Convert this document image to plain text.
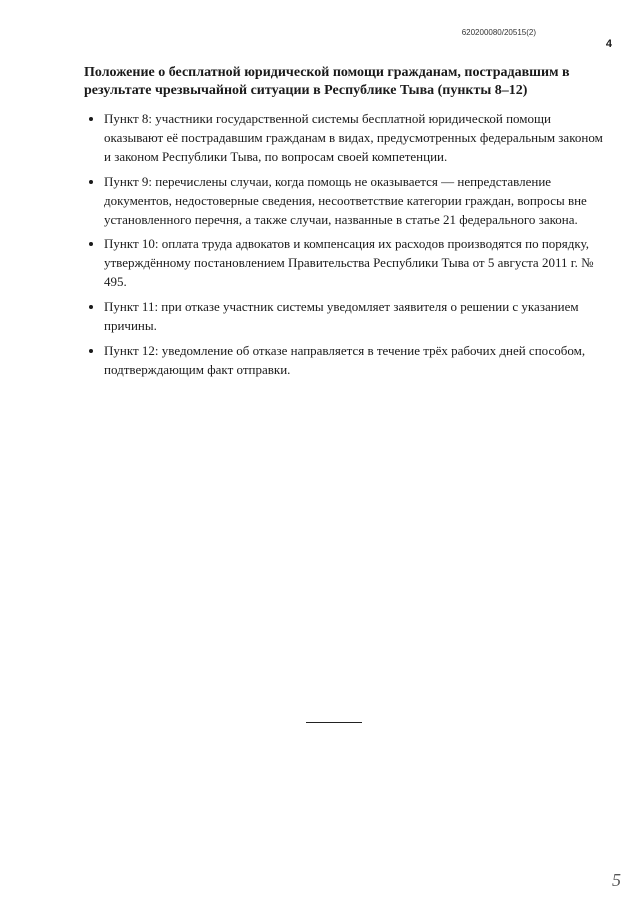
620200080/20515(2)
4

Положение о бесплатной юридической помощи гражданам, пострадавшим в результате чрезвычайной ситуации в Республике Тыва (пункты 8–12)

• Пункт 8: участники государственной системы бесплатной юридической помощи оказывают её пострадавшим гражданам в видах, предусмотренных федеральным законом и законом Республики Тыва, по вопросам своей компетенции.
• Пункт 9: перечислены случаи, когда помощь не оказывается — непредставление документов, недостоверные сведения, несоответствие категории граждан, вопросы вне установленного перечня, а также случаи, названные в статье 21 федерального закона.
• Пункт 10: оплата труда адвокатов и компенсация их расходов производятся по порядку, утверждённому постановлением Правительства Республики Тыва от 5 августа 2011 г. № 495.
• Пункт 11: при отказе участник системы уведомляет заявителя о решении с указанием причины.
• Пункт 12: уведомление об отказе направляется в течение трёх рабочих дней способом, подтверждающим факт отправки.
5
